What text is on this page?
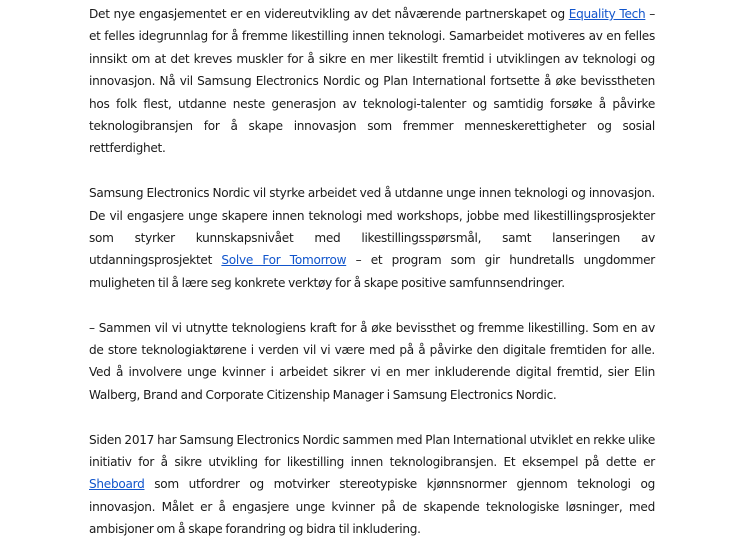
Det nye engasjementet er en videreutvikling av det nåværende partnerskapet og Equality Tech – et felles idegrunnlag for å fremme likestilling innen teknologi. Samarbeidet motiveres av en felles innsikt om at det kreves muskler for å sikre en mer likestilt fremtid i utviklingen av teknologi og innovasjon. Nå vil Samsung Electronics Nordic og Plan International fortsette å øke bevisstheten hos folk flest, utdanne neste generasjon av teknologi-talenter og samtidig forsøke å påvirke teknologibransjen for å skape innovasjon som fremmer menneskerettigheter og sosial rettferdighet.

Samsung Electronics Nordic vil styrke arbeidet ved å utdanne unge innen teknologi og innovasjon. De vil engasjere unge skapere innen teknologi med workshops, jobbe med likestillingsprosjekter som styrker kunnskapsnivået med likestillingsspørsmål, samt lanseringen av utdanningsprosjektet Solve For Tomorrow – et program som gir hundretalls ungdommer muligheten til å lære seg konkrete verktøy for å skape positive samfunnsendringer.

– Sammen vil vi utnytte teknologiens kraft for å øke bevissthet og fremme likestilling. Som en av de store teknologiaktørene i verden vil vi være med på å påvirke den digitale fremtiden for alle. Ved å involvere unge kvinner i arbeidet sikrer vi en mer inkluderende digital fremtid, sier Elin Walberg, Brand and Corporate Citizenship Manager i Samsung Electronics Nordic.

Siden 2017 har Samsung Electronics Nordic sammen med Plan International utviklet en rekke ulike initiativ for å sikre utvikling for likestilling innen teknologibransjen. Et eksempel på dette er Sheboard som utfordrer og motvirker stereotypiske kjønnsnormer gjennom teknologi og innovasjon. Målet er å engasjere unge kvinner på de skapende teknologiske løsninger, med ambisjoner om å skape forandring og bidra til inkludering.
